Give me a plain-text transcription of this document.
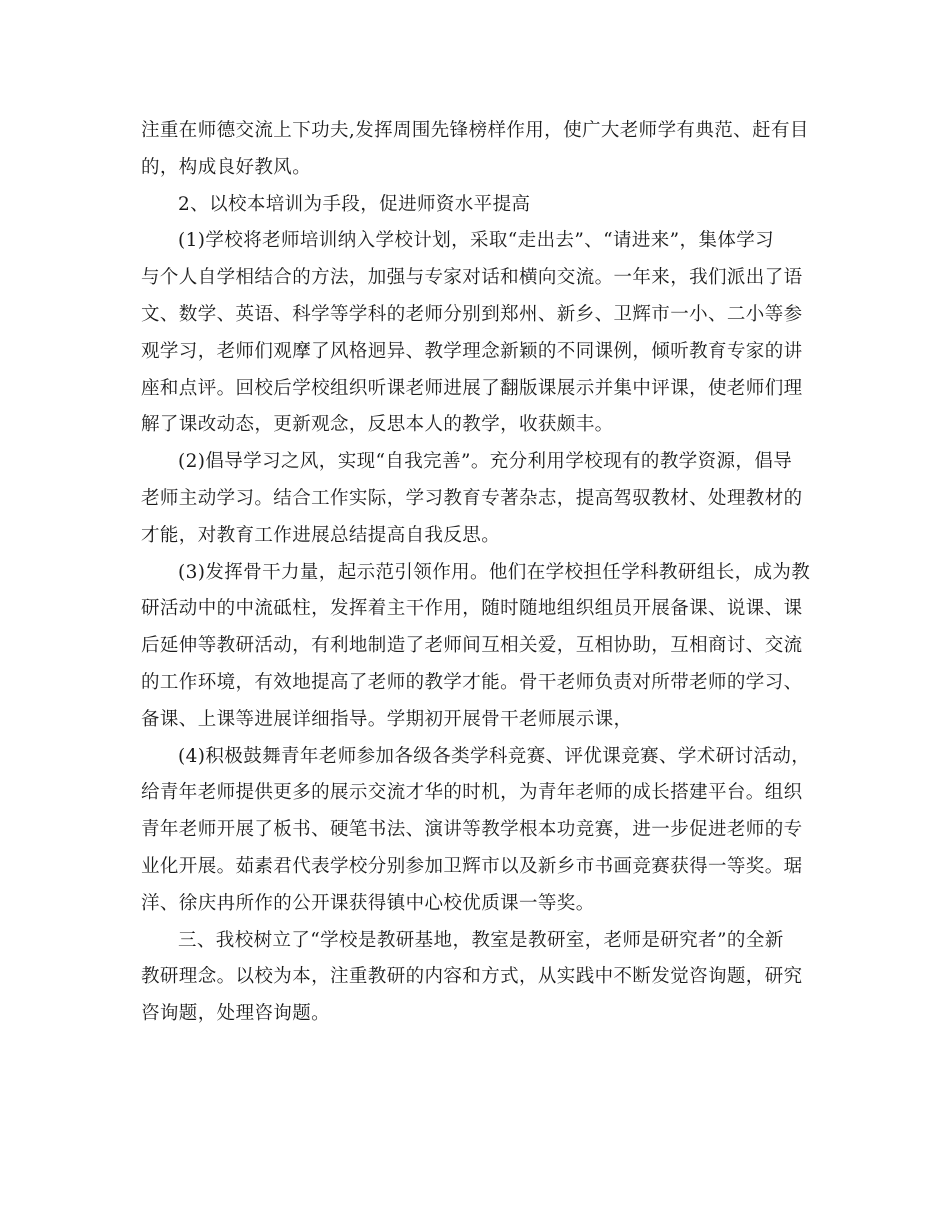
注重在师德交流上下功夫,发挥周围先锋榜样作用，使广大老师学有典范、赶有目
的，构成良好教风。
2、以校本培训为手段，促进师资水平提高
(1)学校将老师培训纳入学校计划，采取“走出去”、“请进来”，集体学习
与个人自学相结合的方法，加强与专家对话和横向交流。一年来，我们派出了语
文、数学、英语、科学等学科的老师分别到郑州、新乡、卫辉市一小、二小等参
观学习，老师们观摩了风格迥异、教学理念新颖的不同课例，倾听教育专家的讲
座和点评。回校后学校组织听课老师进展了翻版课展示并集中评课，使老师们理
解了课改动态，更新观念，反思本人的教学，收获颇丰。
(2)倡导学习之风，实现“自我完善”。充分利用学校现有的教学资源，倡导
老师主动学习。结合工作实际，学习教育专著杂志，提高驾驭教材、处理教材的
才能，对教育工作进展总结提高自我反思。
(3)发挥骨干力量，起示范引领作用。他们在学校担任学科教研组长，成为教
研活动中的中流砥柱，发挥着主干作用，随时随地组织组员开展备课、说课、课
后延伸等教研活动，有利地制造了老师间互相关爱，互相协助，互相商讨、交流
的工作环境，有效地提高了老师的教学才能。骨干老师负责对所带老师的学习、
备课、上课等进展详细指导。学期初开展骨干老师展示课，
(4)积极鼓舞青年老师参加各级各类学科竞赛、评优课竞赛、学术研讨活动，
给青年老师提供更多的展示交流才华的时机，为青年老师的成长搭建平台。组织
青年老师开展了板书、硬笔书法、演讲等教学根本功竞赛，进一步促进老师的专
业化开展。茹素君代表学校分别参加卫辉市以及新乡市书画竞赛获得一等奖。琚
洋、徐庆冉所作的公开课获得镇中心校优质课一等奖。
三、我校树立了“学校是教研基地，教室是教研室，老师是研究者”的全新
教研理念。以校为本，注重教研的内容和方式，从实践中不断发觉咨询题，研究
咨询题，处理咨询题。
